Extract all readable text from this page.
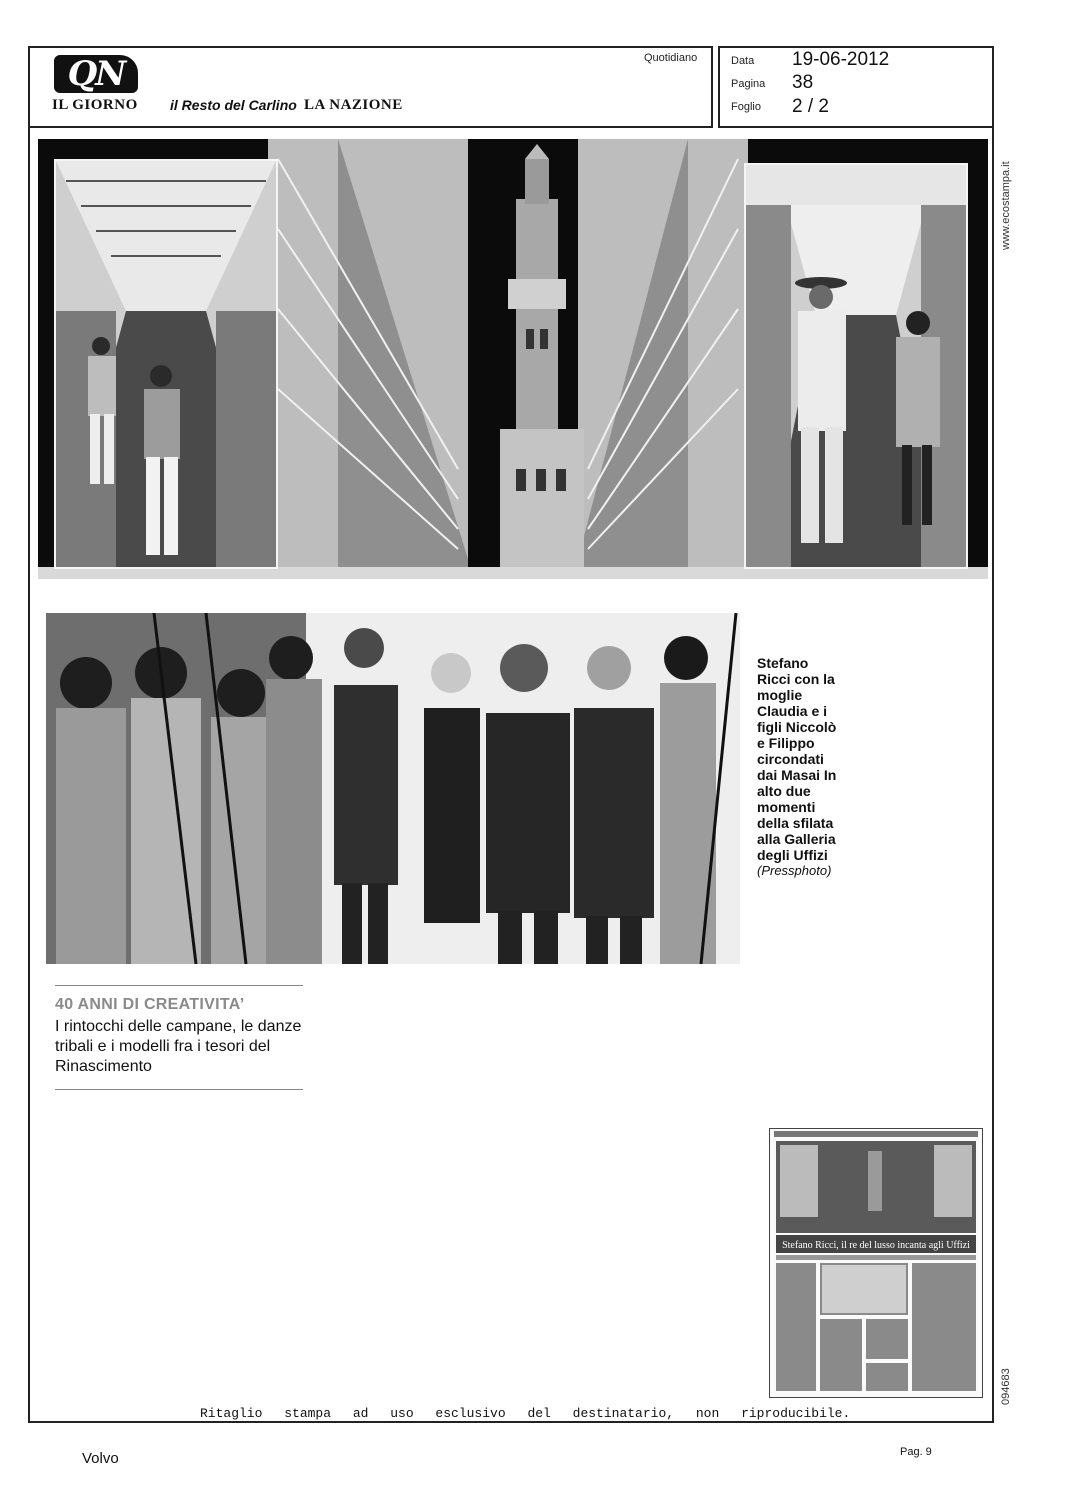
QN
IL GIORNO il Resto del Carlino LA NAZIONE
Quotidiano	Data 19-06-2012
Pagina 38
Foglio 2 / 2
www.ecostampa.it
094683
Stefano Ricci con la moglie Claudia e i figli Niccolò e Filippo circondati dai Masai In alto due momenti della sfilata alla Galleria degli Uffizi
(Pressphoto)
40 ANNI DI CREATIVITA’
I rintocchi delle campane, le danze tribali e i modelli fra i tesori del Rinascimento
Stefano Ricci, il re del lusso incanta agli Uffizi
Ritaglio stampa ad uso esclusivo del destinatario, non riproducibile.
Volvo	Pag. 9
